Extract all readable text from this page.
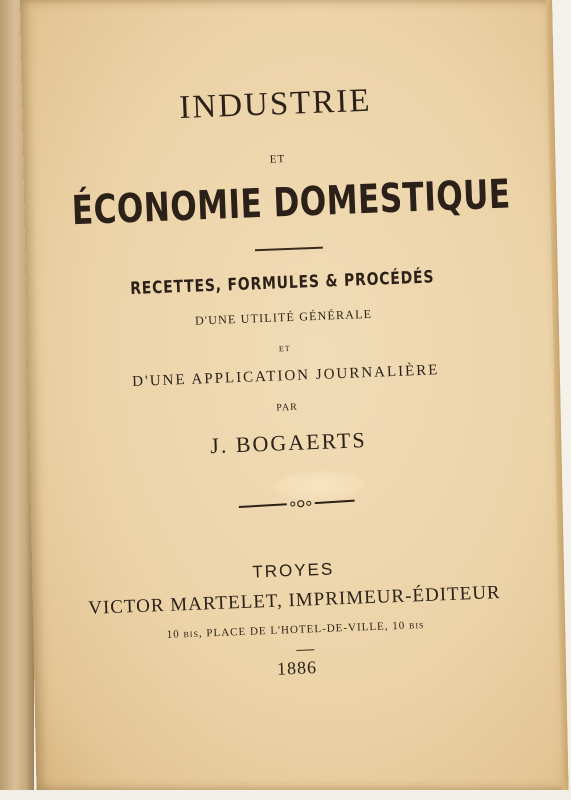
INDUSTRIE
ET
ÉCONOMIE DOMESTIQUE
RECETTES, FORMULES & PROCÉDÉS
D'UNE UTILITÉ GÉNÉRALE
ET
D'UNE APPLICATION JOURNALIÈRE
PAR
J. BOGAERTS
TROYES
VICTOR MARTELET, IMPRIMEUR-ÉDITEUR
10 bis, PLACE DE L'HOTEL-DE-VILLE, 10 bis
1886
